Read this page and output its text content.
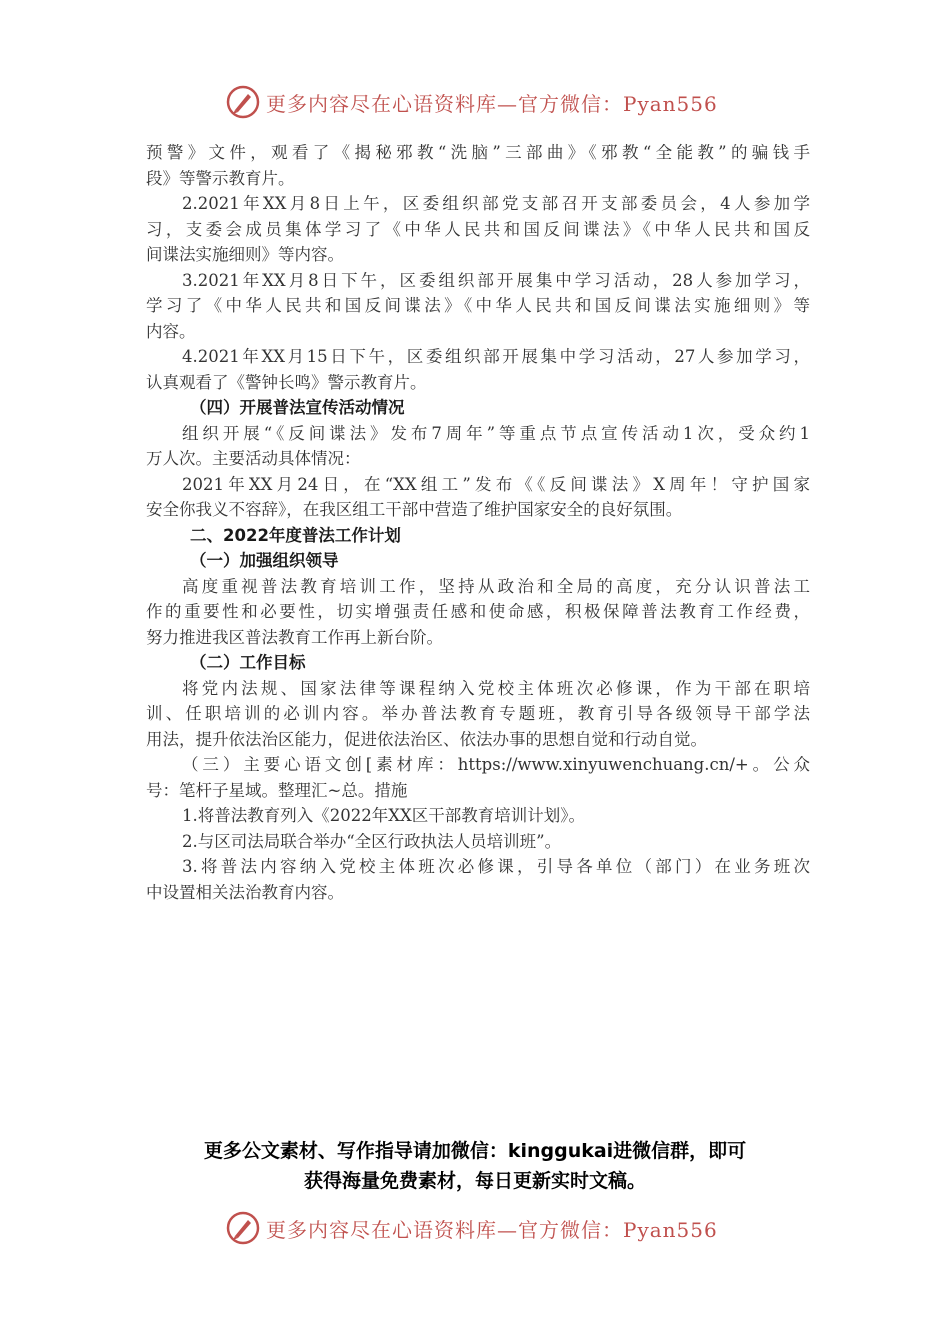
更多内容尽在心语资料库—官方微信：Pyan556
预警》文件，观看了《揭秘邪教“洗脑”三部曲》《邪教“全能教”的骗钱手
段》等警示教育片。
2.2021年XX月8日上午，区委组织部党支部召开支部委员会，4人参加学
习，支委会成员集体学习了《中华人民共和国反间谍法》《中华人民共和国反
间谍法实施细则》等内容。
3.2021年XX月8日下午，区委组织部开展集中学习活动，28人参加学习，
学习了《中华人民共和国反间谍法》《中华人民共和国反间谍法实施细则》等
内容。
4.2021年XX月15日下午，区委组织部开展集中学习活动，27人参加学习，
认真观看了《警钟长鸣》警示教育片。
（四）开展普法宣传活动情况
组织开展“《反间谍法》发布7周年”等重点节点宣传活动1次，受众约1
万人次。主要活动具体情况：
2021年XX月24日，在“XX组工”发布《《反间谍法》X周年！守护国家
安全你我义不容辞》，在我区组工干部中营造了维护国家安全的良好氛围。
二、2022年度普法工作计划
（一）加强组织领导
高度重视普法教育培训工作，坚持从政治和全局的高度，充分认识普法工
作的重要性和必要性，切实增强责任感和使命感，积极保障普法教育工作经费，
努力推进我区普法教育工作再上新台阶。
（二）工作目标
将党内法规、国家法律等课程纳入党校主体班次必修课，作为干部在职培
训、任职培训的必训内容。举办普法教育专题班，教育引导各级领导干部学法
用法，提升依法治区能力，促进依法治区、依法办事的思想自觉和行动自觉。
（三）主要心语文创[素材库：https://www.xinyuwenchuang.cn/+。公众
号：笔杆子星域。整理汇~总。措施
1.将普法教育列入《2022年XX区干部教育培训计划》。
2.与区司法局联合举办“全区行政执法人员培训班”。
3.将普法内容纳入党校主体班次必修课，引导各单位（部门）在业务班次
中设置相关法治教育内容。
更多公文素材、写作指导请加微信：kinggukai进微信群，即可
获得海量免费素材，每日更新实时文稿。
更多内容尽在心语资料库—官方微信：Pyan556
